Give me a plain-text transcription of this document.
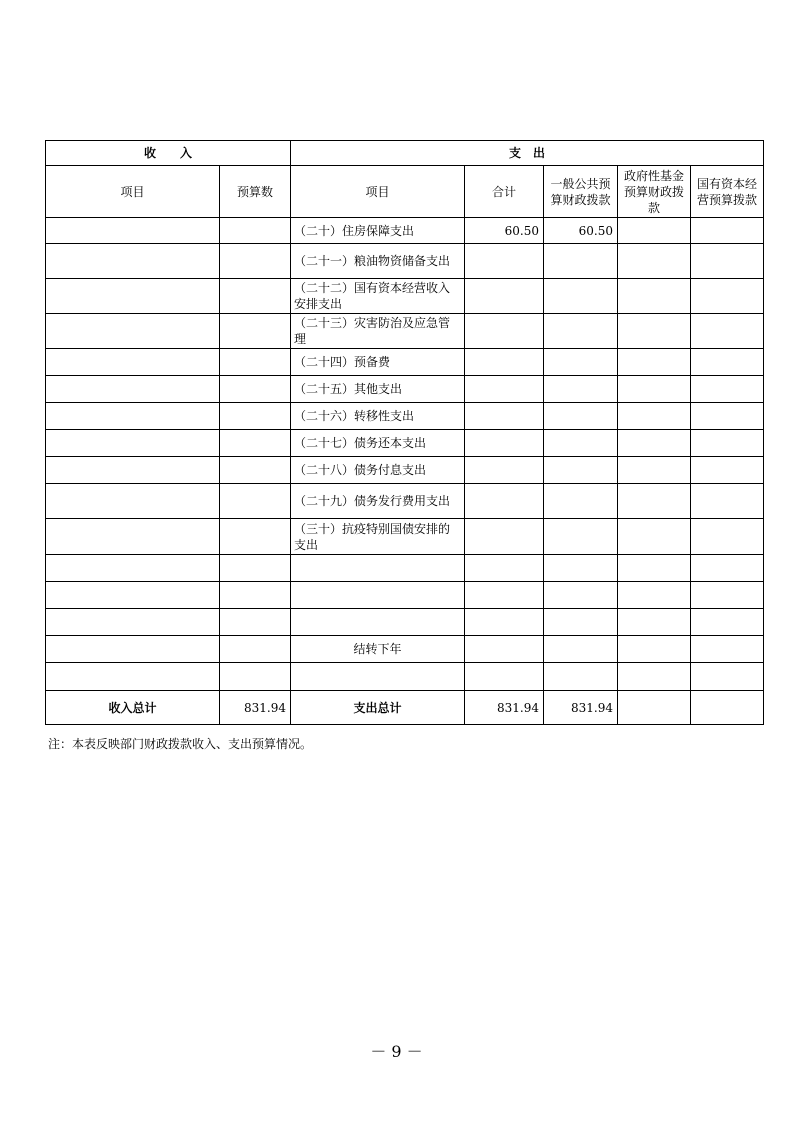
收　　入		支　出				
项目	预算数	项目	合计	一般公共预算财政拨款	政府性基金预算财政拨款	国有资本经营预算拨款
		（二十）住房保障支出	60.50	60.50		
		（二十一）粮油物资储备支出				
		（二十二）国有资本经营收入安排支出				
		（二十三）灾害防治及应急管理				
		（二十四）预备费				
		（二十五）其他支出				
		（二十六）转移性支出				
		（二十七）债务还本支出				
		（二十八）债务付息支出				
		（二十九）债务发行费用支出				
		（三十）抗疫特别国债安排的支出				

		结转下年				

收入总计	831.94	支出总计	831.94	831.94		
注：本表反映部门财政拨款收入、支出预算情况。
－ 9 －
